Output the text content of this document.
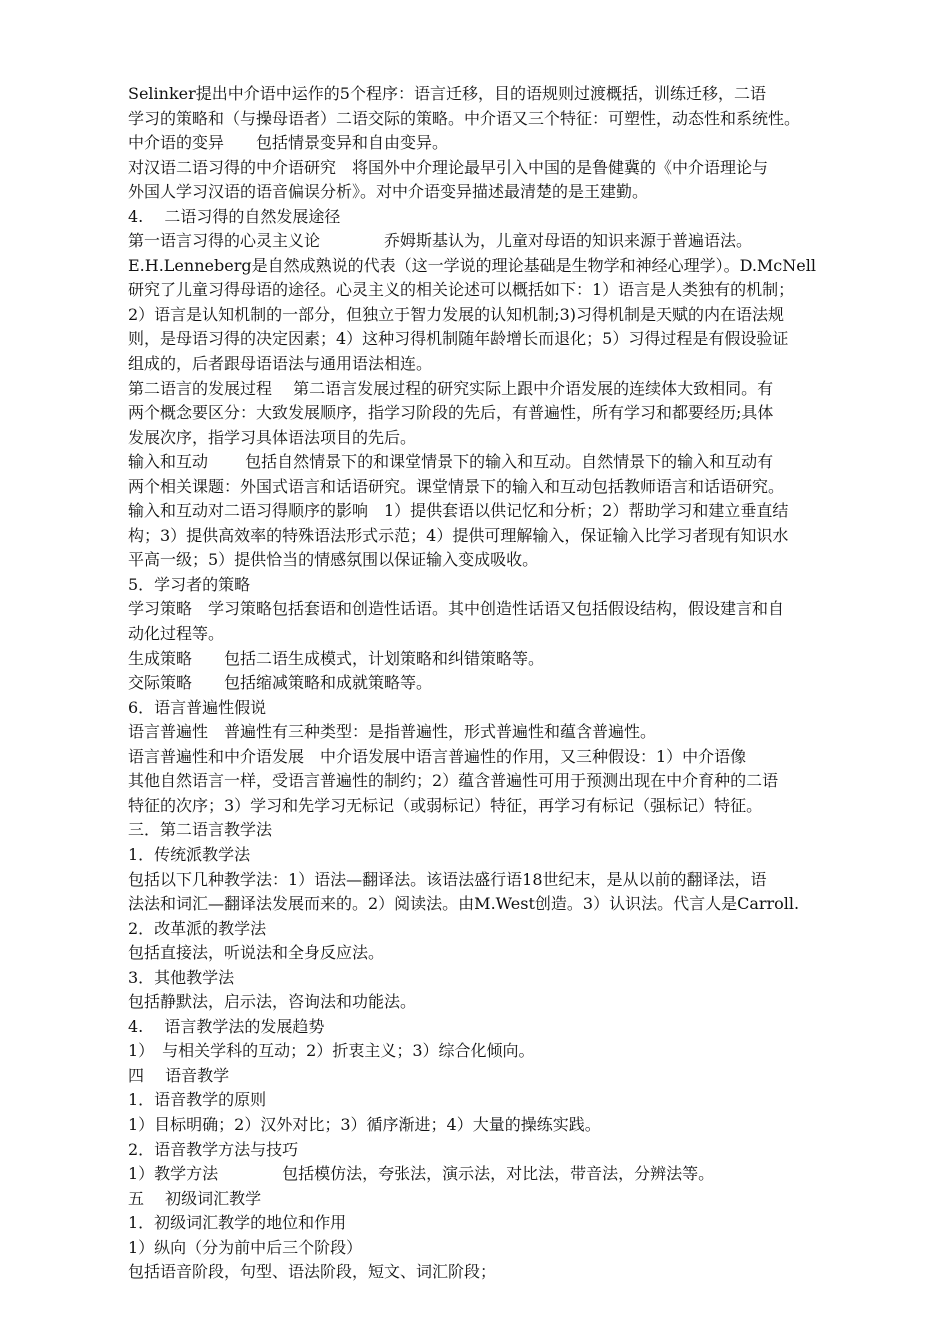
Selinker提出中介语中运作的5个程序：语言迁移，目的语规则过渡概括，训练迁移，二语
学习的策略和（与操母语者）二语交际的策略。中介语又三个特征：可塑性，动态性和系统性。
中介语的变异　　包括情景变异和自由变异。
对汉语二语习得的中介语研究　将国外中介理论最早引入中国的是鲁健冀的《中介语理论与
外国人学习汉语的语音偏误分析》。对中介语变异描述最清楚的是王建勤。
4.　 二语习得的自然发展途径
第一语言习得的心灵主义论　　　　乔姆斯基认为，儿童对母语的知识来源于普遍语法。
E.H.Lenneberg是自然成熟说的代表（这一学说的理论基础是生物学和神经心理学）。D.McNell
研究了儿童习得母语的途径。心灵主义的相关论述可以概括如下：1）语言是人类独有的机制；
2）语言是认知机制的一部分，但独立于智力发展的认知机制;3)习得机制是天赋的内在语法规
则，是母语习得的决定因素；4）这种习得机制随年龄增长而退化；5）习得过程是有假设验证
组成的，后者跟母语语法与通用语法相连。
第二语言的发展过程　 第二语言发展过程的研究实际上跟中介语发展的连续体大致相同。有
两个概念要区分：大致发展顺序，指学习阶段的先后，有普遍性，所有学习和都要经历;具体
发展次序，指学习具体语法项目的先后。
输入和互动　　 包括自然情景下的和课堂情景下的输入和互动。自然情景下的输入和互动有
两个相关课题：外国式语言和话语研究。课堂情景下的输入和互动包括教师语言和话语研究。
输入和互动对二语习得顺序的影响　1）提供套语以供记忆和分析；2）帮助学习和建立垂直结
构；3）提供高效率的特殊语法形式示范；4）提供可理解输入，保证输入比学习者现有知识水
平高一级；5）提供恰当的情感氛围以保证输入变成吸收。
5．学习者的策略
学习策略　学习策略包括套语和创造性话语。其中创造性话语又包括假设结构，假设建言和自
动化过程等。
生成策略　　包括二语生成模式，计划策略和纠错策略等。
交际策略　　包括缩减策略和成就策略等。
6．语言普遍性假说
语言普遍性　普遍性有三种类型：是指普遍性，形式普遍性和蕴含普遍性。
语言普遍性和中介语发展　中介语发展中语言普遍性的作用，又三种假设：1）中介语像
其他自然语言一样，受语言普遍性的制约；2）蕴含普遍性可用于预测出现在中介育种的二语
特征的次序；3）学习和先学习无标记（或弱标记）特征，再学习有标记（强标记）特征。
三．第二语言教学法
1．传统派教学法
包括以下几种教学法：1）语法—翻译法。该语法盛行语18世纪末，是从以前的翻译法，语
法法和词汇—翻译法发展而来的。2）阅读法。由M.West创造。3）认识法。代言人是Carroll.
2．改革派的教学法
包括直接法，听说法和全身反应法。
3．其他教学法
包括静默法，启示法，咨询法和功能法。
4.　 语言教学法的发展趋势
1）　与相关学科的互动；2）折衷主义；3）综合化倾向。
四　 语音教学
1．语音教学的原则
1）目标明确；2）汉外对比；3）循序渐进；4）大量的操练实践。
2．语音教学方法与技巧
1）教学方法　　　　包括模仿法，夸张法，演示法，对比法，带音法，分辨法等。
五　 初级词汇教学
1．初级词汇教学的地位和作用
1）纵向（分为前中后三个阶段）
包括语音阶段，句型、语法阶段，短文、词汇阶段；
